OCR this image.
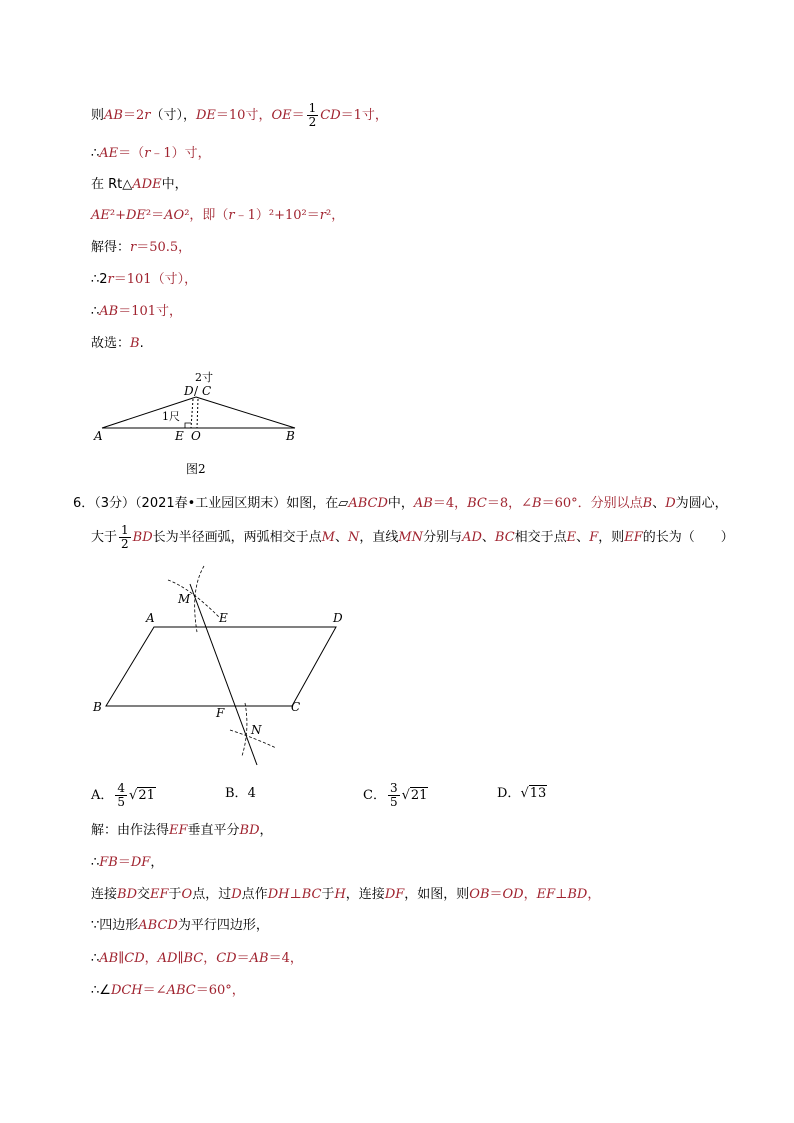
则AB＝2r（寸），DE＝10寸，$OE= \frac{1}{2} CD=1$寸，
∴AE＝（r﹣1）寸，
在 Rt△ADE中，
AE²+DE²＝AO²，即（r﹣1）²+10²＝r²，
解得：r＝50.5，
∴2r＝101（寸），
∴AB＝101寸，
故选：B.
D / C
2寸
1尺
A	E O	B
图2
6．（3分）（2021春•工业园区期末）如图，在▱ABCD中，AB＝4，BC＝8，∠B＝60°．分别以点B、D为圆心，
大于 $\frac{1}{2}$ BD长为半径画弧，两弧相交于点M、N，直线MN分别与AD、BC相交于点E、F，则EF的长为（　　）
M
A	E	D
B	F	C
N
A． $\frac{4}{5} √21$	B．4	C． $\frac{3}{5} √21$	D．√13
解：由作法得EF垂直平分BD，
∴FB＝DF，
连接BD交EF于O点，过D点作DH⊥BC于H，连接DF，如图，则OB＝OD，EF⊥BD，
∵四边形ABCD为平行四边形，
∴AB∥CD，AD∥BC，CD＝AB＝4，
∴∠DCH＝∠ABC＝60°，
